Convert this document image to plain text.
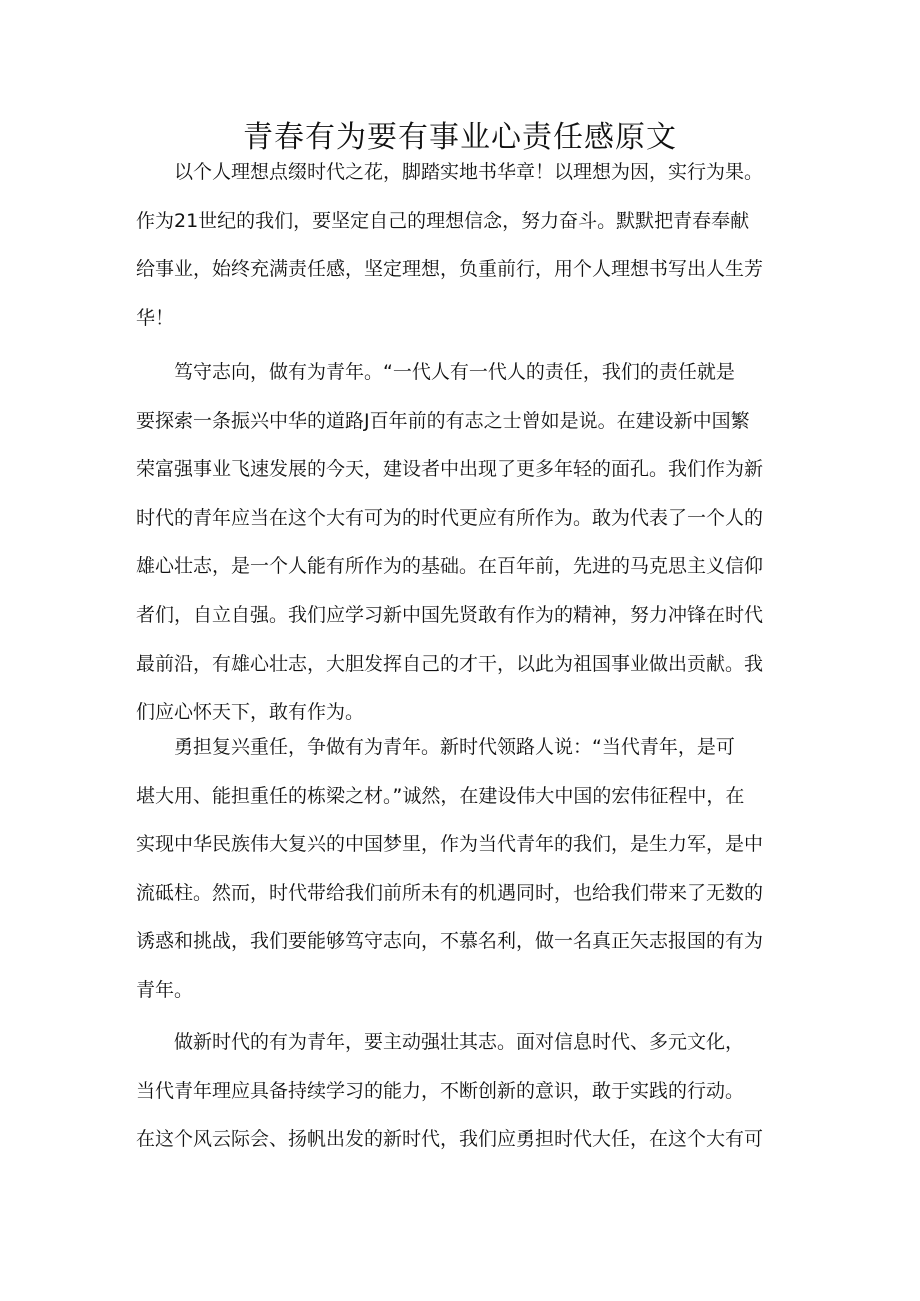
青春有为要有事业心责任感原文
以个人理想点缀时代之花，脚踏实地书华章！以理想为因，实行为果。
作为21世纪的我们，要坚定自己的理想信念，努力奋斗。默默把青春奉献
给事业，始终充满责任感，坚定理想，负重前行，用个人理想书写出人生芳
华！
笃守志向，做有为青年。“一代人有一代人的责任，我们的责任就是
要探索一条振兴中华的道路J百年前的有志之士曾如是说。在建设新中国繁
荣富强事业飞速发展的今天，建设者中出现了更多年轻的面孔。我们作为新
时代的青年应当在这个大有可为的时代更应有所作为。敢为代表了一个人的
雄心壮志，是一个人能有所作为的基础。在百年前，先进的马克思主义信仰
者们，自立自强。我们应学习新中国先贤敢有作为的精神，努力冲锋在时代
最前沿，有雄心壮志，大胆发挥自己的才干，以此为祖国事业做出贡献。我
们应心怀天下，敢有作为。
勇担复兴重任，争做有为青年。新时代领路人说：“当代青年，是可
堪大用、能担重任的栋梁之材。”诚然，在建设伟大中国的宏伟征程中，在
实现中华民族伟大复兴的中国梦里，作为当代青年的我们，是生力军，是中
流砥柱。然而，时代带给我们前所未有的机遇同时，也给我们带来了无数的
诱惑和挑战，我们要能够笃守志向，不慕名利，做一名真正矢志报国的有为
青年。
做新时代的有为青年，要主动强壮其志。面对信息时代、多元文化，
当代青年理应具备持续学习的能力，不断创新的意识，敢于实践的行动。
在这个风云际会、扬帆出发的新时代，我们应勇担时代大任，在这个大有可
